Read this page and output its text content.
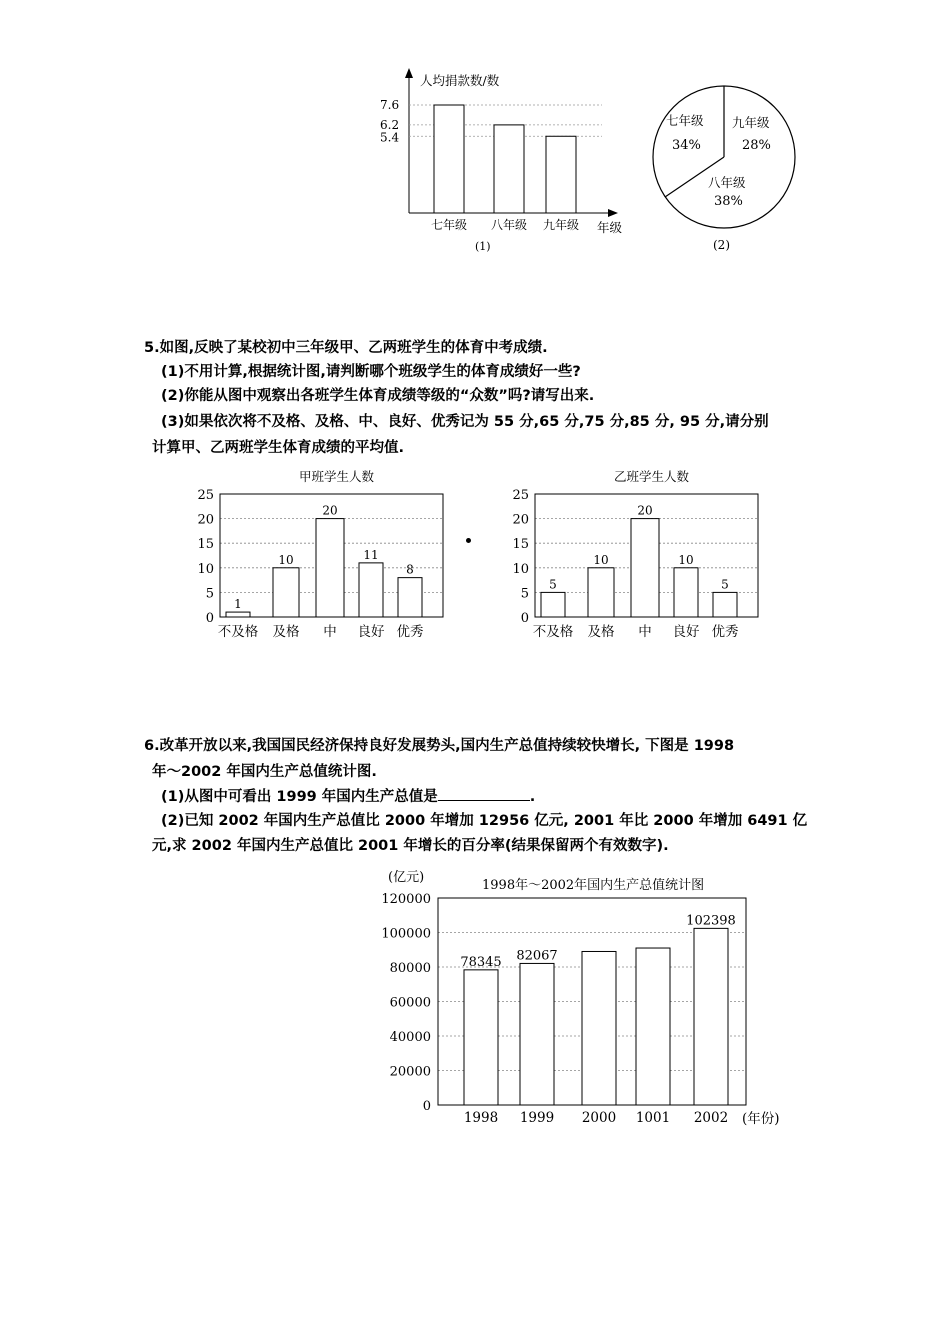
人均捐款数/数
年级
7.6
6.2
5.4
七年级 八年级 九年级
(1)
七年级
34%
九年级
28%
八年级
38%
(2)
5.如图,反映了某校初中三年级甲、乙两班学生的体育中考成绩.
(1)不用计算,根据统计图,请判断哪个班级学生的体育成绩好一些?
(2)你能从图中观察出各班学生体育成绩等级的“众数”吗?请写出来.
(3)如果依次将不及格、及格、中、良好、优秀记为 55 分,65 分,75 分,85 分, 95 分,请分别
计算甲、乙两班学生体育成绩的平均值.
甲班学生人数
0
5
10
15
20
25
1
不及格
10
及格
20
中
11
良好
8
优秀
乙班学生人数
0
5
10
15
20
25
5
不及格
10
及格
20
中
10
良好
5
优秀
6.改革开放以来,我国国民经济保持良好发展势头,国内生产总值持续较快增长, 下图是 1998
年～2002 年国内生产总值统计图.
(1)从图中可看出 1999 年国内生产总值是	.
(2)已知 2002 年国内生产总值比 2000 年增加 12956 亿元, 2001 年比 2000 年增加 6491 亿
元,求 2002 年国内生产总值比 2001 年增长的百分率(结果保留两个有效数字).
(亿元)
1998年～2002年国内生产总值统计图
0
20000
40000
60000
80000
100000
120000
78345
1998
82067
1999 2000 1001
102398
2002 (年份)
